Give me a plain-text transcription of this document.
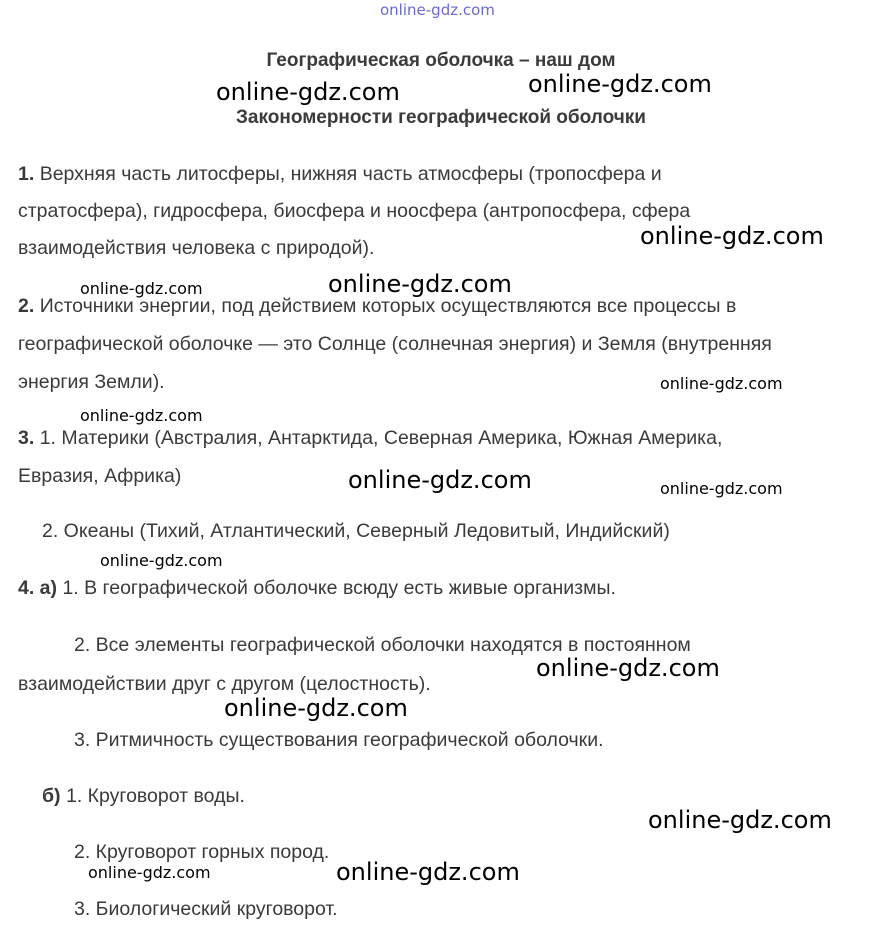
online-gdz.com
online-gdz.com
online-gdz.com
online-gdz.com
online-gdz.com	online-gdz.com
online-gdz.com
online-gdz.com
online-gdz.com	online-gdz.com
online-gdz.com
online-gdz.com
online-gdz.com
online-gdz.com
online-gdz.com	online-gdz.com
Географическая оболочка – наш дом
Закономерности географической оболочки
1. Верхняя часть литосферы, нижняя часть атмосферы (тропосфера и
стратосфера), гидросфера, биосфера и ноосфера (антропосфера, сфера
взаимодействия человека с природой).
2. Источники энергии, под действием которых осуществляются все процессы в
географической оболочке — это Солнце (солнечная энергия) и Земля (внутренняя
энергия Земли).
3. 1. Материки (Австралия, Антарктида, Северная Америка, Южная Америка,
Евразия, Африка)
2. Океаны (Тихий, Атлантический, Северный Ледовитый, Индийский)
4. а) 1. В географической оболочке всюду есть живые организмы.
2. Все элементы географической оболочки находятся в постоянном
взаимодействии друг с другом (целостность).
3. Ритмичность существования географической оболочки.
б) 1. Круговорот воды.
2. Круговорот горных пород.
3. Биологический круговорот.
